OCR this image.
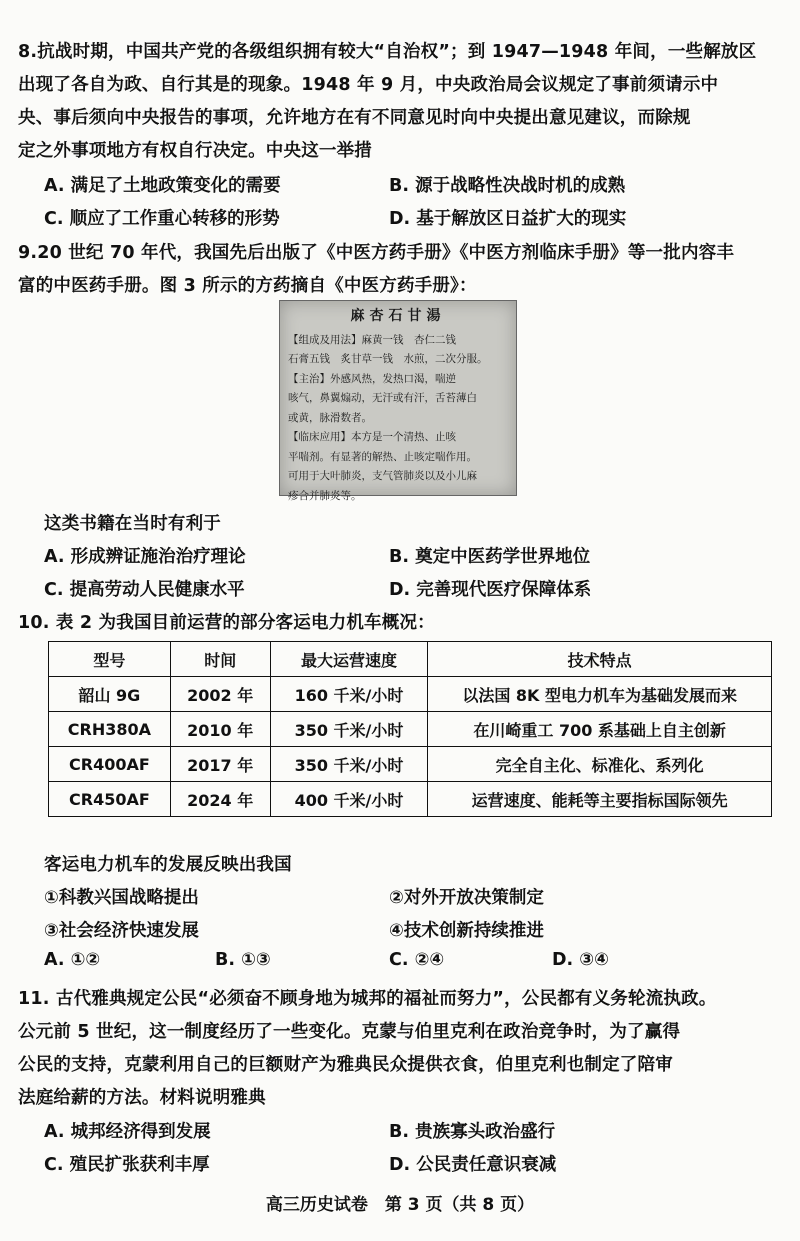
8.抗战时期，中国共产党的各级组织拥有较大“自治权”；到 1947—1948 年间，一些解放区
出现了各自为政、自行其是的现象。1948 年 9 月，中央政治局会议规定了事前须请示中
央、事后须向中央报告的事项，允许地方在有不同意见时向中央提出意见建议，而除规
定之外事项地方有权自行决定。中央这一举措
A. 满足了土地政策变化的需要	B. 源于战略性决战时机的成熟
C. 顺应了工作重心转移的形势	D. 基于解放区日益扩大的现实
9.20 世纪 70 年代，我国先后出版了《中医方药手册》《中医方剂临床手册》等一批内容丰
富的中医药手册。图 3 所示的方药摘自《中医方药手册》：
麻杏石甘湯
【组成及用法】麻黄一钱　杏仁二钱
石膏五钱　炙甘草一钱　水煎，二次分服。
【主治】外感风热，发热口渴，喘逆
咳气，鼻翼煽动，无汗或有汗，舌苔薄白
或黄，脉滑数者。
【临床应用】本方是一个清热、止咳
平喘剂。有显著的解热、止咳定喘作用。
可用于大叶肺炎，支气管肺炎以及小儿麻
疹合并肺炎等。
这类书籍在当时有利于
A. 形成辨证施治治疗理论	B. 奠定中医药学世界地位
C. 提高劳动人民健康水平	D. 完善现代医疗保障体系
10. 表 2 为我国目前运营的部分客运电力机车概况：
型号	时间	最大运营速度	技术特点
韶山 9G	2002 年	160 千米/小时	以法国 8K 型电力机车为基础发展而来
CRH380A	2010 年	350 千米/小时	在川崎重工 700 系基础上自主创新
CR400AF	2017 年	350 千米/小时	完全自主化、标准化、系列化
CR450AF	2024 年	400 千米/小时	运营速度、能耗等主要指标国际领先
客运电力机车的发展反映出我国
①科教兴国战略提出	②对外开放决策制定
③社会经济快速发展	④技术创新持续推进
A. ①②	B. ①③	C. ②④	D. ③④
11. 古代雅典规定公民“必须奋不顾身地为城邦的福祉而努力”，公民都有义务轮流执政。
公元前 5 世纪，这一制度经历了一些变化。克蒙与伯里克利在政治竞争时，为了赢得
公民的支持，克蒙利用自己的巨额财产为雅典民众提供衣食，伯里克利也制定了陪审
法庭给薪的方法。材料说明雅典
A. 城邦经济得到发展	B. 贵族寡头政治盛行
C. 殖民扩张获利丰厚	D. 公民责任意识衰减
高三历史试卷　第 3 页（共 8 页）
